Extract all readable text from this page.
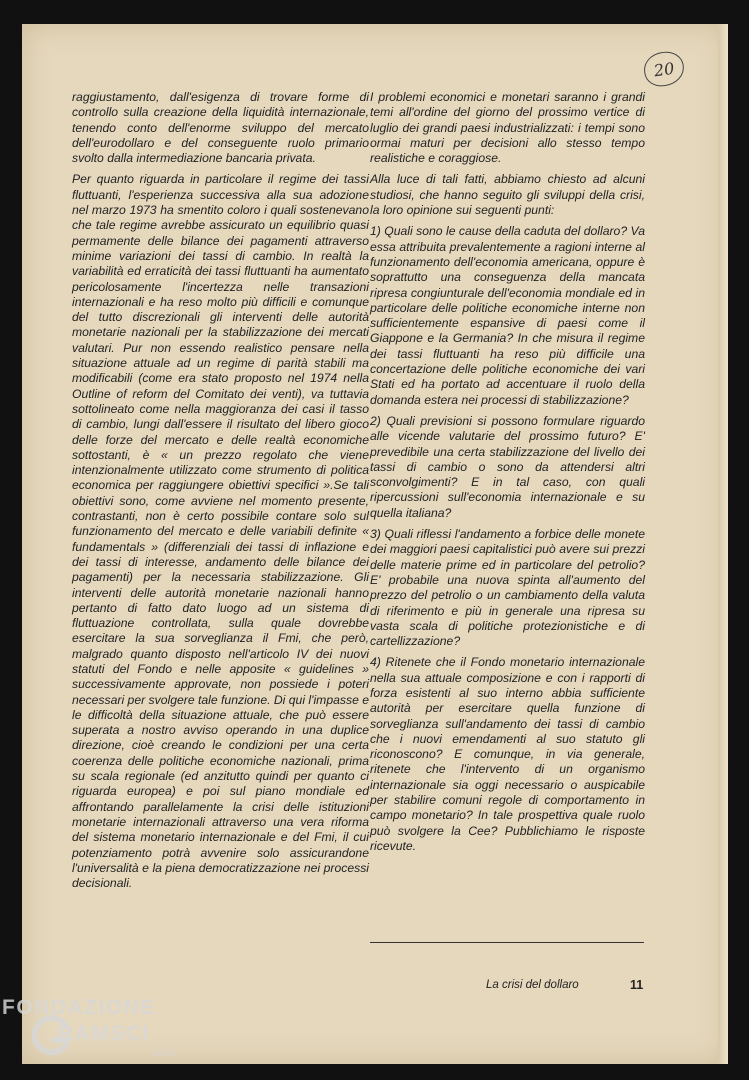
20

raggiustamento, dall'esigenza di trovare forme di controllo sulla creazione della liquidità internazionale, tenendo conto dell'enorme sviluppo del mercato dell'eurodollaro e del conseguente ruolo primario svolto dalla intermediazione bancaria privata.

Per quanto riguarda in particolare il regime dei tassi fluttuanti, l'esperienza successiva alla sua adozione nel marzo 1973 ha smentito coloro i quali sostenevano che tale regime avrebbe assicurato un equilibrio quasi permamente delle bilance dei pagamenti attraverso minime variazioni dei tassi di cambio. In realtà la variabilità ed erraticità dei tassi fluttuanti ha aumentato pericolosamente l'incertezza nelle transazioni internazionali e ha reso molto più difficili e comunque del tutto discrezionali gli interventi delle autorità monetarie nazionali per la stabilizzazione dei mercati valutari. Pur non essendo realistico pensare nella situazione attuale ad un regime di parità stabili ma modificabili (come era stato proposto nel 1974 nella Outline of reform del Comitato dei venti), va tuttavia sottolineato come nella maggioranza dei casi il tasso di cambio, lungi dall'essere il risultato del libero gioco delle forze del mercato e delle realtà economiche sottostanti, è « un prezzo regolato che viene intenzionalmente utilizzato come strumento di politica economica per raggiungere obiettivi specifici ».Se tali obiettivi sono, come avviene nel momento presente, contrastanti, non è certo possibile contare solo sul funzionamento del mercato e delle variabili definite « fundamentals » (differenziali dei tassi di inflazione e dei tassi di interesse, andamento delle bilance dei pagamenti) per la necessaria stabilizzazione. Gli interventi delle autorità monetarie nazionali hanno pertanto di fatto dato luogo ad un sistema di fluttuazione controllata, sulla quale dovrebbe esercitare la sua sorveglianza il Fmi, che però, malgrado quanto disposto nell'articolo IV dei nuovi statuti del Fondo e nelle apposite « guidelines » successivamente approvate, non possiede i poteri necessari per svolgere tale funzione. Di qui l'impasse e le difficoltà della situazione attuale, che può essere superata a nostro avviso operando in una duplice direzione, cioè creando le condizioni per una certa coerenza delle politiche economiche nazionali, prima su scala regionale (ed anzitutto quindi per quanto ci riguarda europea) e poi sul piano mondiale ed affrontando parallelamente la crisi delle istituzioni monetarie internazionali attraverso una vera riforma del sistema monetario internazionale e del Fmi, il cui potenziamento potrà avvenire solo assicurandone l'universalità e la piena democratizzazione nei processi decisionali.

I problemi economici e monetari saranno i grandi temi all'ordine del giorno del prossimo vertice di luglio dei grandi paesi industrializzati: i tempi sono ormai maturi per decisioni allo stesso tempo realistiche e coraggiose.

Alla luce di tali fatti, abbiamo chiesto ad alcuni studiosi, che hanno seguito gli sviluppi della crisi, la loro opinione sui seguenti punti:

1) Quali sono le cause della caduta del dollaro? Va essa attribuita prevalentemente a ragioni interne al funzionamento dell'economia americana, oppure è soprattutto una conseguenza della mancata ripresa congiunturale dell'economia mondiale ed in particolare delle politiche economiche interne non sufficientemente espansive di paesi come il Giappone e la Germania? In che misura il regime dei tassi fluttuanti ha reso più difficile una concertazione delle politiche economiche dei vari Stati ed ha portato ad accentuare il ruolo della domanda estera nei processi di stabilizzazione?

2) Quali previsioni si possono formulare riguardo alle vicende valutarie del prossimo futuro? E' prevedibile una certa stabilizzazione del livello dei tassi di cambio o sono da attendersi altri sconvolgimenti? E in tal caso, con quali ripercussioni sull'economia internazionale e su quella italiana?

3) Quali riflessi l'andamento a forbice delle monete dei maggiori paesi capitalistici può avere sui prezzi delle materie prime ed in particolare del petrolio? E' probabile una nuova spinta all'aumento del prezzo del petrolio o un cambiamento della valuta di riferimento e più in generale una ripresa su vasta scala di politiche protezionistiche e di cartellizzazione?

4) Ritenete che il Fondo monetario internazionale nella sua attuale composizione e con i rapporti di forza esistenti al suo interno abbia sufficiente autorità per esercitare quella funzione di sorveglianza sull'andamento dei tassi di cambio che i nuovi emendamenti al suo statuto gli riconoscono? E comunque, in via generale, ritenete che l'intervento di un organismo internazionale sia oggi necessario o auspicabile per stabilire comuni regole di comportamento in campo monetario? In tale prospettiva quale ruolo può svolgere la Cee? Pubblichiamo le risposte ricevute.

La crisi del dollaro	11
FONDAZIONE
RAMSCI
onlus
